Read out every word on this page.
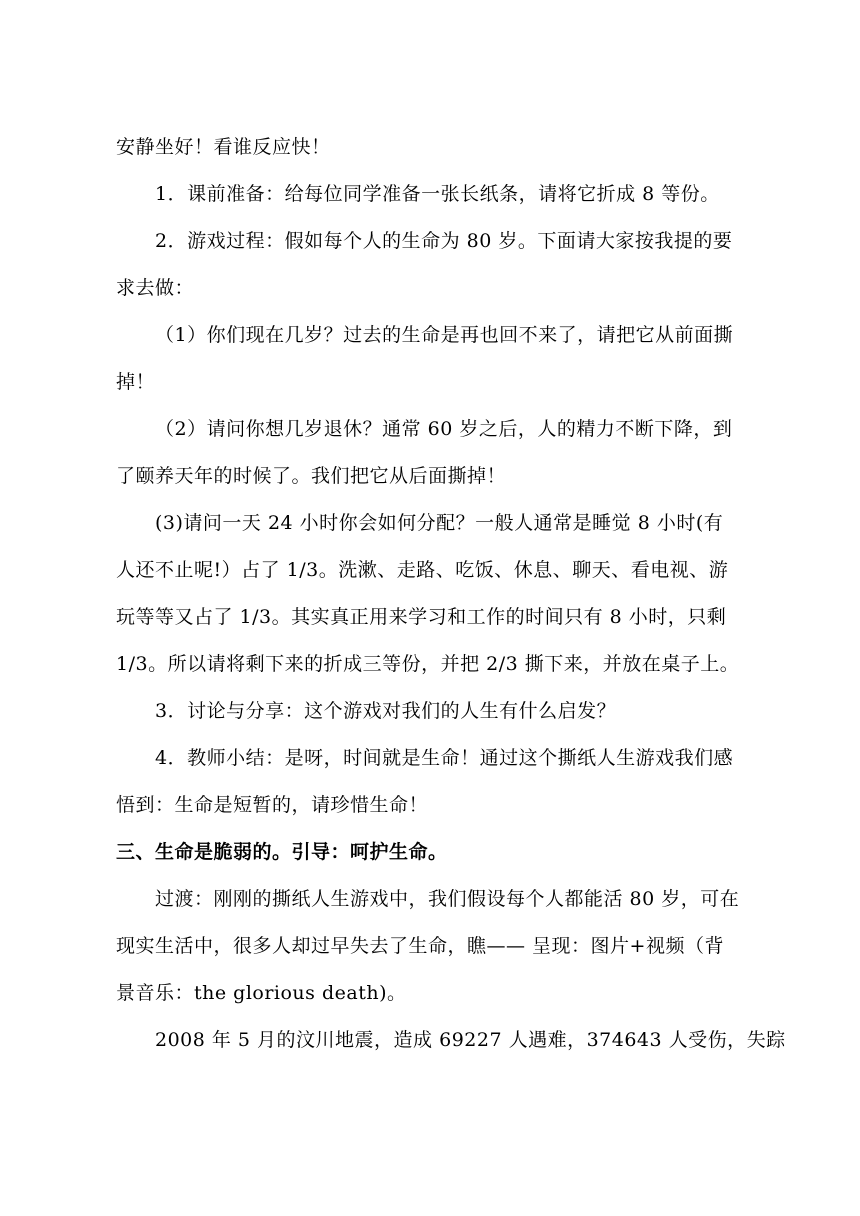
安静坐好！看谁反应快！
1．课前准备：给每位同学准备一张长纸条，请将它折成 8 等份。
2．游戏过程：假如每个人的生命为 80 岁。下面请大家按我提的要
求去做：
（1）你们现在几岁？过去的生命是再也回不来了，请把它从前面撕
掉！
（2）请问你想几岁退休？通常 60 岁之后，人的精力不断下降，到
了颐养天年的时候了。我们把它从后面撕掉！
(3)请问一天 24 小时你会如何分配？一般人通常是睡觉 8 小时(有
人还不止呢!）占了 1/3。洗漱、走路、吃饭、休息、聊天、看电视、游
玩等等又占了 1/3。其实真正用来学习和工作的时间只有 8 小时，只剩
1/3。所以请将剩下来的折成三等份，并把 2/3 撕下来，并放在桌子上。
3．讨论与分享：这个游戏对我们的人生有什么启发？
4．教师小结：是呀，时间就是生命！通过这个撕纸人生游戏我们感
悟到：生命是短暂的，请珍惜生命！
三、生命是脆弱的。引导：呵护生命。
过渡：刚刚的撕纸人生游戏中，我们假设每个人都能活 80 岁，可在
现实生活中，很多人却过早失去了生命，瞧—— 呈现：图片+视频（背
景音乐：the glorious death)。
2008 年 5 月的汶川地震，造成 69227 人遇难，374643 人受伤，失踪
